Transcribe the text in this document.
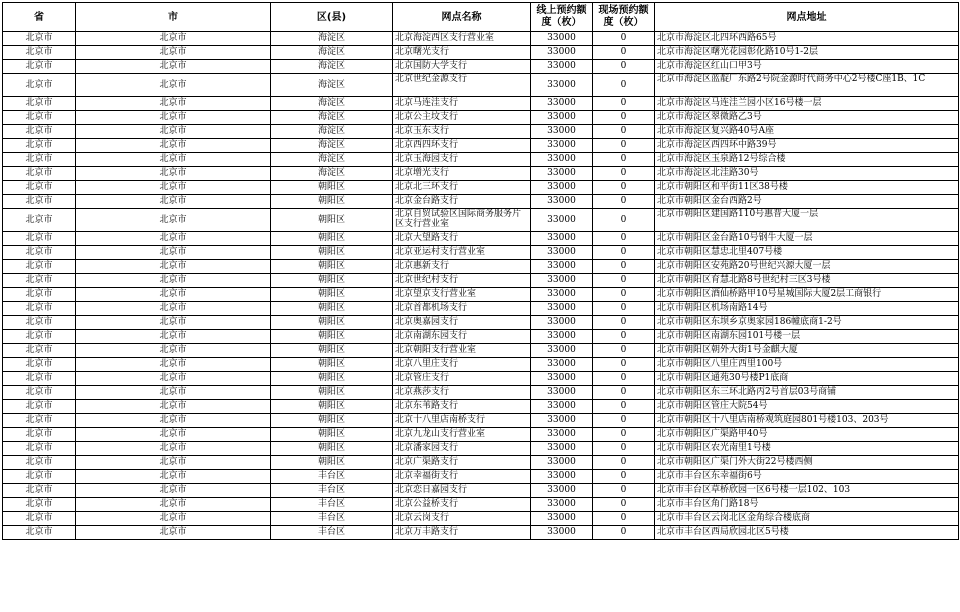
省	市	区(县)	网点名称	线上预约额度（枚）	现场预约额度（枚）	网点地址
北京市	北京市	海淀区	北京海淀西区支行营业室	33000	0	北京市海淀区北四环西路65号
北京市	北京市	海淀区	北京曙光支行	33000	0	北京市海淀区曙光花园彰化路10号1-2层
北京市	北京市	海淀区	北京国防大学支行	33000	0	北京市海淀区红山口甲3号
北京市	北京市	海淀区	北京世纪金源支行	33000	0	北京市海淀区蓝靛厂东路2号院金源时代商务中心2号楼C座1B、1C
北京市	北京市	海淀区	北京马连洼支行	33000	0	北京市海淀区马连洼兰园小区16号楼一层
北京市	北京市	海淀区	北京公主坟支行	33000	0	北京市海淀区翠微路乙3号
北京市	北京市	海淀区	北京玉东支行	33000	0	北京市海淀区复兴路40号A座
北京市	北京市	海淀区	北京西四环支行	33000	0	北京市海淀区西四环中路39号
北京市	北京市	海淀区	北京玉海园支行	33000	0	北京市海淀区玉泉路12号综合楼
北京市	北京市	海淀区	北京增光支行	33000	0	北京市海淀区北洼路30号
北京市	北京市	朝阳区	北京北三环支行	33000	0	北京市朝阳区和平街11区38号楼
北京市	北京市	朝阳区	北京金台路支行	33000	0	北京市朝阳区金台西路2号
北京市	北京市	朝阳区	北京自贸试验区国际商务服务片区支行营业室	33000	0	北京市朝阳区建国路110号惠普大厦一层
北京市	北京市	朝阳区	北京大望路支行	33000	0	北京市朝阳区金台路10号钢牛大厦一层
北京市	北京市	朝阳区	北京亚运村支行营业室	33000	0	北京市朝阳区慧忠北里407号楼
北京市	北京市	朝阳区	北京惠新支行	33000	0	北京市朝阳区安苑路20号世纪兴源大厦一层
北京市	北京市	朝阳区	北京世纪村支行	33000	0	北京市朝阳区育慧北路8号世纪村三区3号楼
北京市	北京市	朝阳区	北京望京支行营业室	33000	0	北京市朝阳区酒仙桥路甲10号星城国际大厦2层工商银行
北京市	北京市	朝阳区	北京首都机场支行	33000	0	北京市朝阳区机场南路14号
北京市	北京市	朝阳区	北京奥嘉园支行	33000	0	北京市朝阳区东坝乡京奥家园186幢底商1-2号
北京市	北京市	朝阳区	北京南湖东园支行	33000	0	北京市朝阳区南湖东园101号楼一层
北京市	北京市	朝阳区	北京朝阳支行营业室	33000	0	北京市朝阳区朝外大街1号金麒大厦
北京市	北京市	朝阳区	北京八里庄支行	33000	0	北京市朝阳区八里庄西里100号
北京市	北京市	朝阳区	北京管庄支行	33000	0	北京市朝阳区通苑30号楼P1底商
北京市	北京市	朝阳区	北京燕莎支行	33000	0	北京市朝阳区东三环北路丙2号首层03号商铺
北京市	北京市	朝阳区	北京东苇路支行	33000	0	北京市朝阳区管庄大院54号
北京市	北京市	朝阳区	北京十八里店南桥支行	33000	0	北京市朝阳区十八里店南桥观筑庭园801号楼103、203号
北京市	北京市	朝阳区	北京九龙山支行营业室	33000	0	北京市朝阳区广渠路甲40号
北京市	北京市	朝阳区	北京潘家园支行	33000	0	北京市朝阳区农光南里1号楼
北京市	北京市	朝阳区	北京广渠路支行	33000	0	北京市朝阳区广渠门外大街22号楼西侧
北京市	北京市	丰台区	北京幸福街支行	33000	0	北京市丰台区东幸福街6号
北京市	北京市	丰台区	北京恋日嘉园支行	33000	0	北京市丰台区草桥欣园一区6号楼一层102、103
北京市	北京市	丰台区	北京公益桥支行	33000	0	北京市丰台区角门路18号
北京市	北京市	丰台区	北京云岗支行	33000	0	北京市丰台区云岗北区金角综合楼底商
北京市	北京市	丰台区	北京万丰路支行	33000	0	北京市丰台区西局欣园北区5号楼
